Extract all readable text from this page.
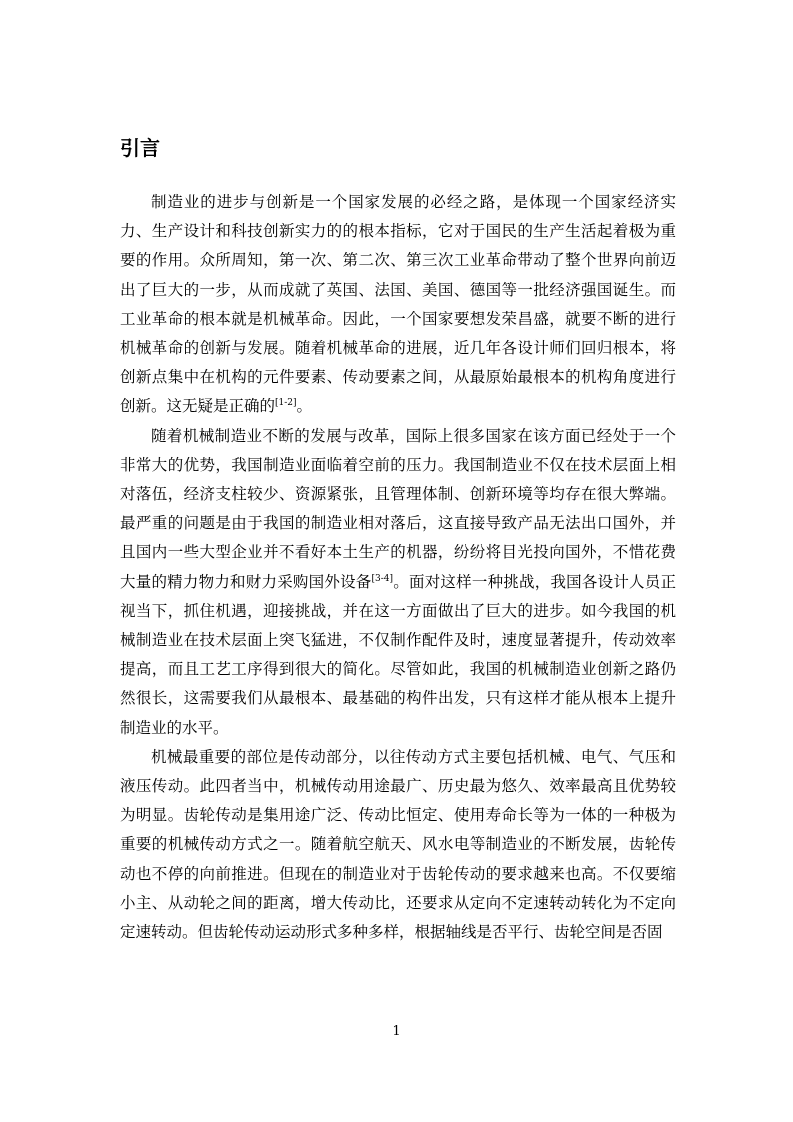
引言

制造业的进步与创新是一个国家发展的必经之路，是体现一个国家经济实力、生产设计和科技创新实力的的根本指标，它对于国民的生产生活起着极为重要的作用。众所周知，第一次、第二次、第三次工业革命带动了整个世界向前迈出了巨大的一步，从而成就了英国、法国、美国、德国等一批经济强国诞生。而工业革命的根本就是机械革命。因此，一个国家要想发荣昌盛，就要不断的进行机械革命的创新与发展。随着机械革命的进展，近几年各设计师们回归根本，将创新点集中在机构的元件要素、传动要素之间，从最原始最根本的机构角度进行创新。这无疑是正确的[1-2]。

随着机械制造业不断的发展与改革，国际上很多国家在该方面已经处于一个非常大的优势，我国制造业面临着空前的压力。我国制造业不仅在技术层面上相对落伍，经济支柱较少、资源紧张，且管理体制、创新环境等均存在很大弊端。最严重的问题是由于我国的制造业相对落后，这直接导致产品无法出口国外，并且国内一些大型企业并不看好本土生产的机器，纷纷将目光投向国外，不惜花费大量的精力物力和财力采购国外设备[3-4]。面对这样一种挑战，我国各设计人员正视当下，抓住机遇，迎接挑战，并在这一方面做出了巨大的进步。如今我国的机械制造业在技术层面上突飞猛进，不仅制作配件及时，速度显著提升，传动效率提高，而且工艺工序得到很大的简化。尽管如此，我国的机械制造业创新之路仍然很长，这需要我们从最根本、最基础的构件出发，只有这样才能从根本上提升制造业的水平。

机械最重要的部位是传动部分，以往传动方式主要包括机械、电气、气压和液压传动。此四者当中，机械传动用途最广、历史最为悠久、效率最高且优势较为明显。齿轮传动是集用途广泛、传动比恒定、使用寿命长等为一体的一种极为重要的机械传动方式之一。随着航空航天、风水电等制造业的不断发展，齿轮传动也不停的向前推进。但现在的制造业对于齿轮传动的要求越来也高。不仅要缩小主、从动轮之间的距离，增大传动比，还要求从定向不定速转动转化为不定向定速转动。但齿轮传动运动形式多种多样，根据轴线是否平行、齿轮空间是否固

1
